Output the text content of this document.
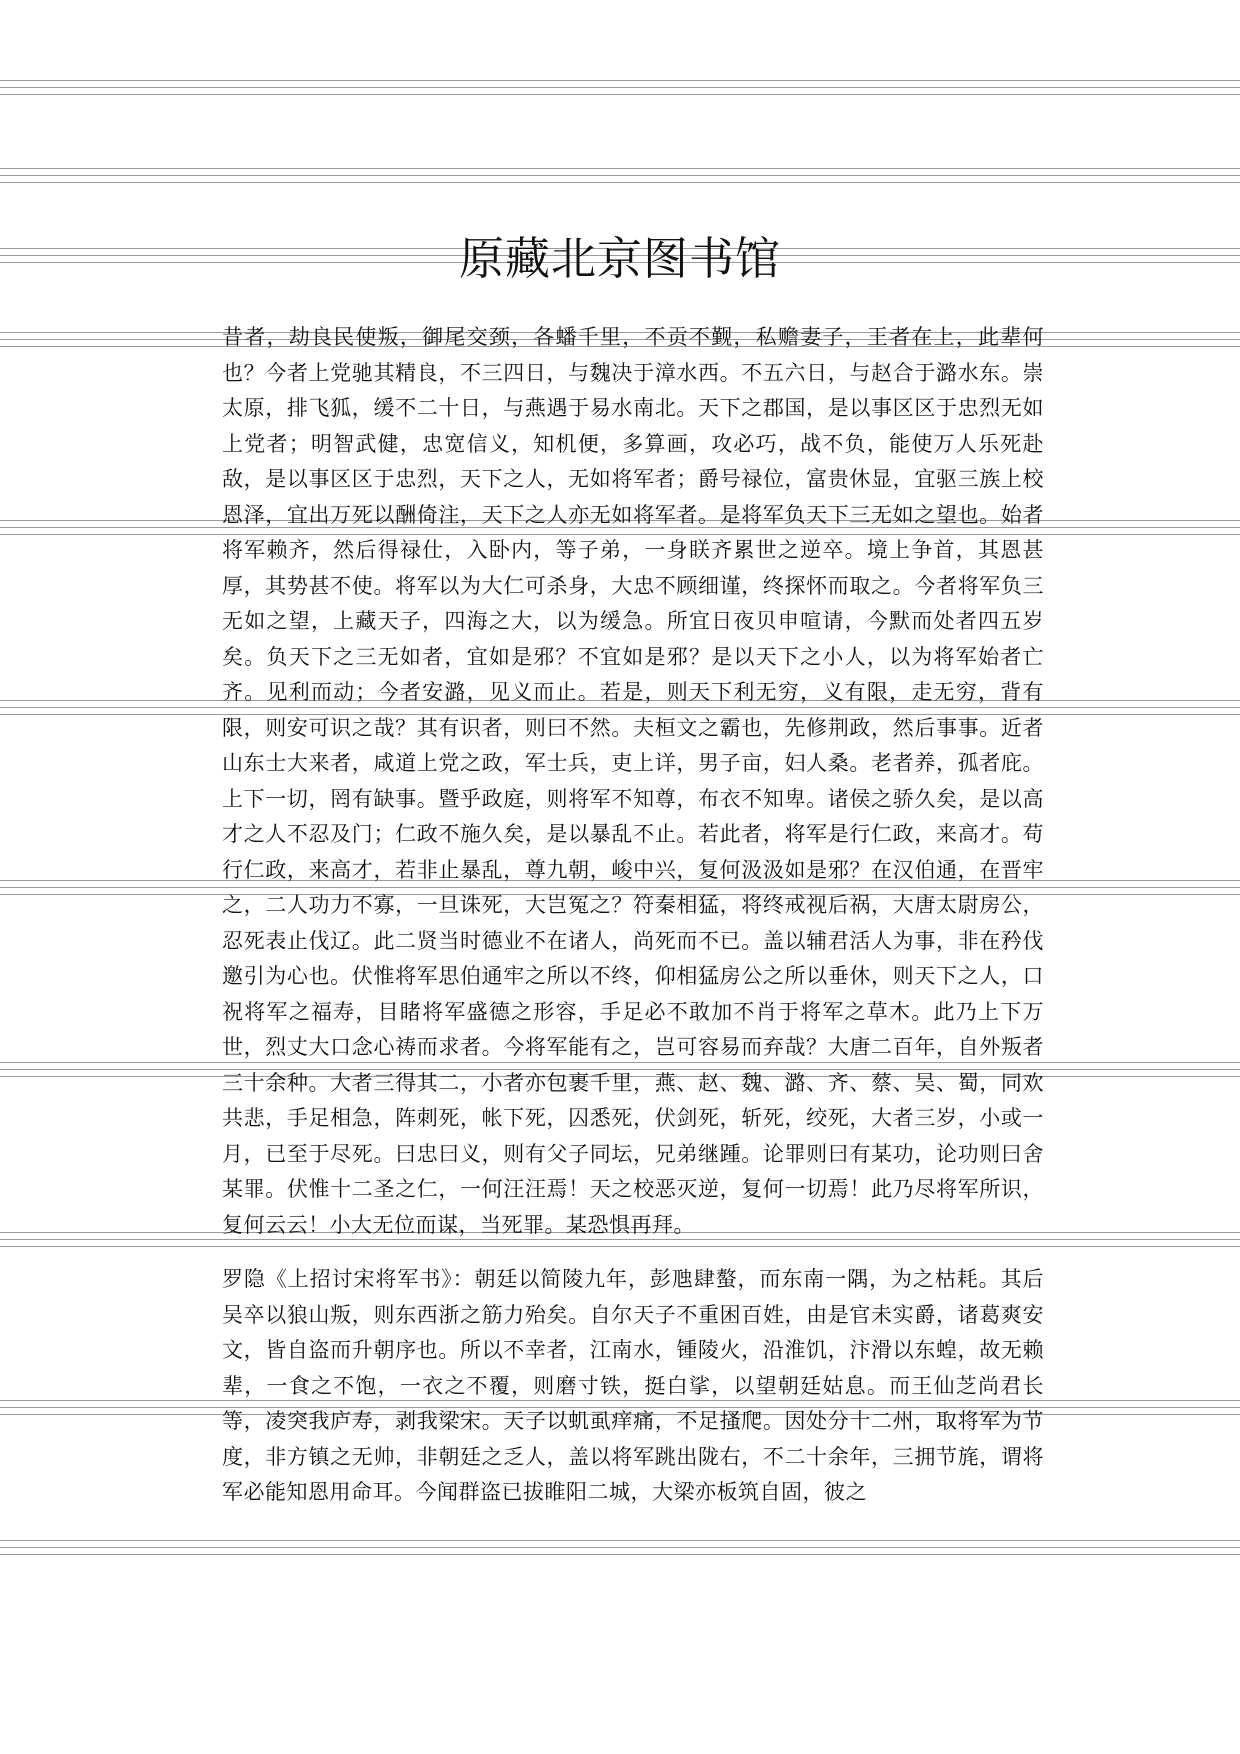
原藏北京图书馆

昔者，劫良民使叛，御尾交颈，各蟠千里，不贡不觐，私赡妻子，王者在上，此辈何也？今者上党驰其精良，不三四日，与魏决于漳水西。不五六日，与赵合于潞水东。崇太原，排飞狐，缓不二十日，与燕遇于易水南北。天下之郡国，是以事区区于忠烈无如上党者；明智武健，忠宽信义，知机便，多算画，攻必巧，战不负，能使万人乐死赴敌，是以事区区于忠烈，天下之人，无如将军者；爵号禄位，富贵休显，宜驱三族上校恩泽，宜出万死以酬倚注，天下之人亦无如将军者。是将军负天下三无如之望也。始者将军赖齐，然后得禄仕，入卧内，等子弟，一身眹齐累世之逆卒。境上争首，其恩甚厚，其势甚不使。将军以为大仁可杀身，大忠不顾细谨，终探怀而取之。今者将军负三无如之望，上藏天子，四海之大，以为缓急。所宜日夜贝申喧请，今默而处者四五岁矣。负天下之三无如者，宜如是邪？不宜如是邪？是以天下之小人，以为将军始者亡齐。见利而动；今者安潞，见义而止。若是，则天下利无穷，义有限，走无穷，背有限，则安可识之哉？其有识者，则曰不然。夫桓文之霸也，先修荆政，然后事事。近者山东士大来者，咸道上党之政，军士兵，吏上详，男子亩，妇人桑。老者养，孤者庇。上下一切，罔有缺事。暨乎政庭，则将军不知尊，布衣不知卑。诸侯之骄久矣，是以高才之人不忍及门；仁政不施久矣，是以暴乱不止。若此者，将军是行仁政，来高才。苟行仁政，来高才，若非止暴乱，尊九朝，峻中兴，复何汲汲如是邪？在汉伯通，在晋牢之，二人功力不寡，一旦诛死，大岂冤之？符秦相猛，将终戒视后祸，大唐太尉房公，忍死表止伐辽。此二贤当时德业不在诸人，尚死而不已。盖以辅君活人为事，非在矜伐邀引为心也。伏惟将军思伯通牢之所以不终，仰相猛房公之所以垂休，则天下之人，口祝将军之福寿，目睹将军盛德之形容，手足必不敢加不肖于将军之草木。此乃上下万世，烈丈大口念心祷而求者。今将军能有之，岂可容易而弃哉？大唐二百年，自外叛者三十余种。大者三得其二，小者亦包裹千里，燕、赵、魏、潞、齐、蔡、吴、蜀，同欢共悲，手足相急，阵刺死，帐下死，囚悉死，伏剑死，斩死，绞死，大者三岁，小或一月，已至于尽死。曰忠曰义，则有父子同坛，兄弟继踵。论罪则曰有某功，论功则曰舍某罪。伏惟十二圣之仁，一何汪汪焉！天之校恶灭逆，复何一切焉！此乃尽将军所识，复何云云！小大无位而谋，当死罪。某恐惧再拜。

罗隐《上招讨宋将军书》：朝廷以简陵九年，彭虺肆螯，而东南一隅，为之枯耗。其后吴卒以狼山叛，则东西浙之筋力殆矣。自尔天子不重困百姓，由是官未实爵，诸葛爽安文，皆自盗而升朝序也。所以不幸者，江南水，锺陵火，沿淮饥，汴滑以东蝗，故无赖辈，一食之不饱，一衣之不覆，则磨寸铁，挺白挲，以望朝廷姑息。而王仙芝尚君长等，凌突我庐寿，剥我梁宋。天子以虮虱痒痛，不足搔爬。因处分十二州，取将军为节度，非方镇之无帅，非朝廷之乏人，盖以将军跳出陇右，不二十余年，三拥节旄，谓将军必能知恩用命耳。今闻群盗已拔睢阳二城，大梁亦板筑自固，彼之
